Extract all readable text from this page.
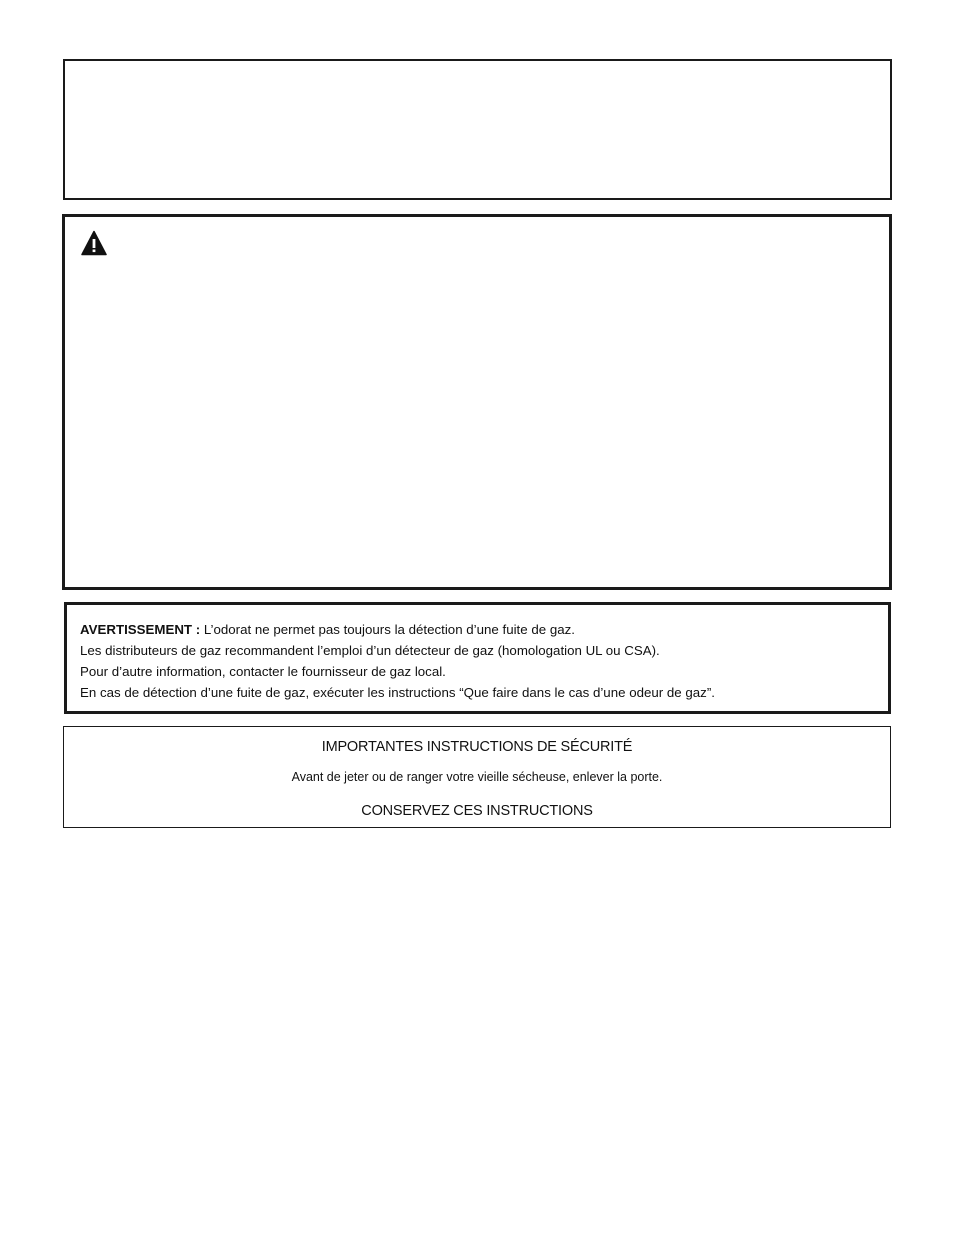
AVERTISSEMENT : L’odorat ne permet pas toujours la détection d’une fuite de gaz.
Les distributeurs de gaz recommandent l’emploi d’un détecteur de gaz (homologation UL ou CSA).
Pour d’autre information, contacter le fournisseur de gaz local.
En cas de détection d’une fuite de gaz, exécuter les instructions “Que faire dans le cas d’une odeur de gaz”.
IMPORTANTES INSTRUCTIONS DE SÉCURITÉ
Avant de jeter ou de ranger votre vieille sécheuse, enlever la porte.
CONSERVEZ CES INSTRUCTIONS
